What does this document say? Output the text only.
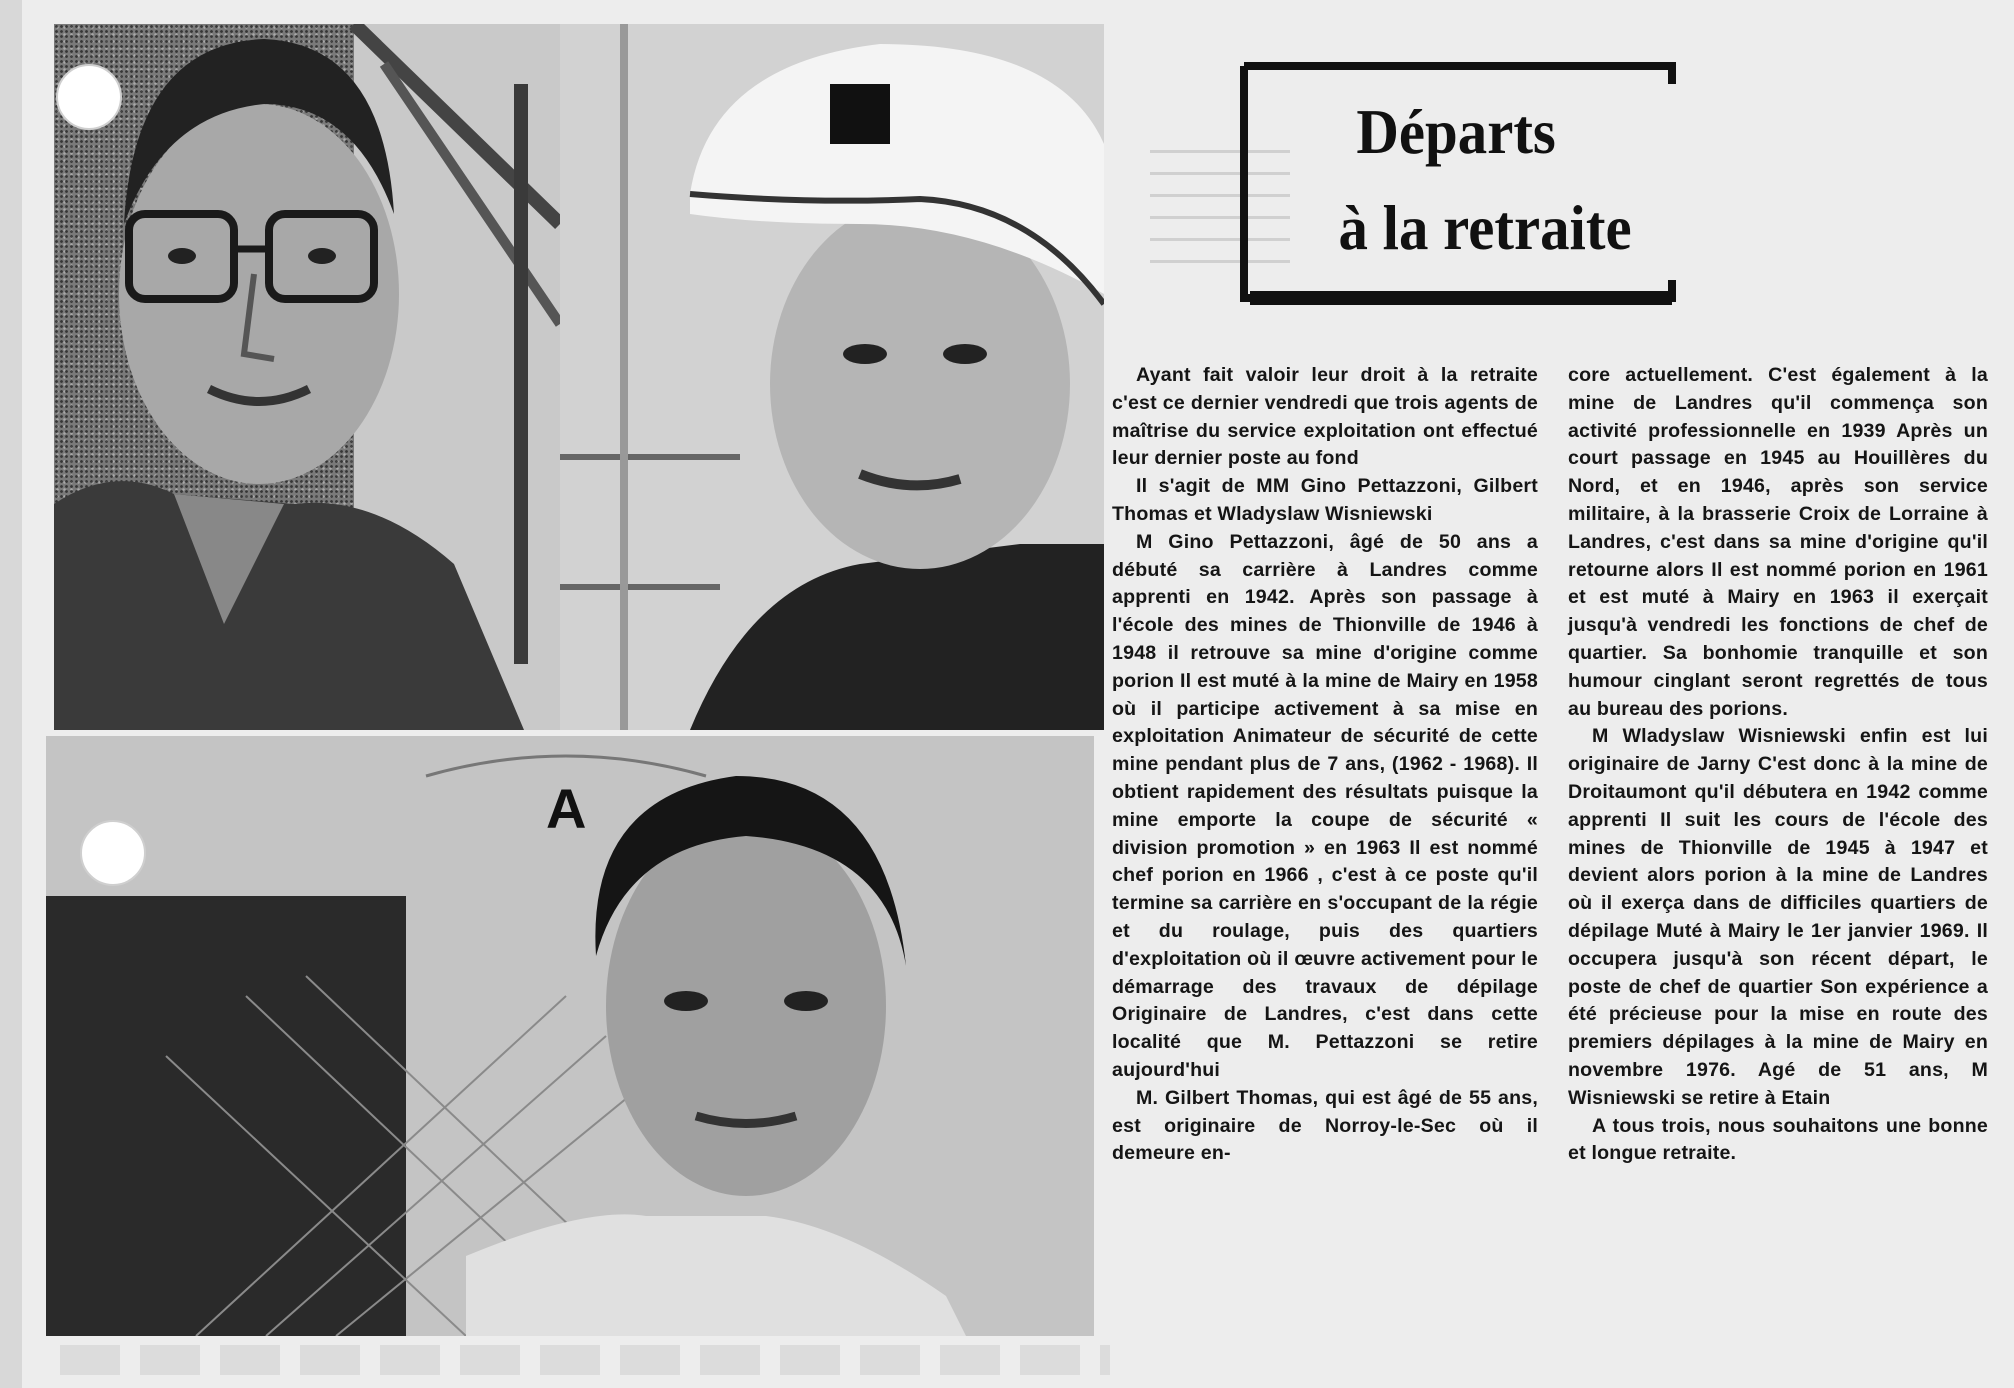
A
Départs
à la retraite

Ayant fait valoir leur droit à la retraite c'est ce dernier vendredi que trois agents de maîtrise du service exploitation ont effectué leur dernier poste au fond

Il s'agit de MM Gino Pettazzoni, Gilbert Thomas et Wladyslaw Wisniewski

M Gino Pettazzoni, âgé de 50 ans a débuté sa carrière à Landres comme apprenti en 1942. Après son passage à l'école des mines de Thionville de 1946 à 1948 il retrouve sa mine d'origine comme porion Il est muté à la mine de Mairy en 1958 où il participe activement à sa mise en exploitation Animateur de sécurité de cette mine pendant plus de 7 ans, (1962 - 1968). Il obtient rapidement des résultats puisque la mine emporte la coupe de sécurité « division promotion » en 1963 Il est nommé chef porion en 1966 , c'est à ce poste qu'il termine sa carrière en s'occupant de la régie et du roulage, puis des quartiers d'exploitation où il œuvre activement pour le démarrage des travaux de dépilage Originaire de Landres, c'est dans cette localité que M. Pettazzoni se retire aujourd'hui

M. Gilbert Thomas, qui est âgé de 55 ans, est originaire de Norroy-le-Sec où il demeure en-

core actuellement. C'est également à la mine de Landres qu'il commença son activité professionnelle en 1939 Après un court passage en 1945 au Houillères du Nord, et en 1946, après son service militaire, à la brasserie Croix de Lorraine à Landres, c'est dans sa mine d'origine qu'il retourne alors Il est nommé porion en 1961 et est muté à Mairy en 1963 il exerçait jusqu'à vendredi les fonctions de chef de quartier. Sa bonhomie tranquille et son humour cinglant seront regrettés de tous au bureau des porions.

M Wladyslaw Wisniewski enfin est lui originaire de Jarny C'est donc à la mine de Droitaumont qu'il débutera en 1942 comme apprenti Il suit les cours de l'école des mines de Thionville de 1945 à 1947 et devient alors porion à la mine de Landres où il exerça dans de difficiles quartiers de dépilage Muté à Mairy le 1er janvier 1969. Il occupera jusqu'à son récent départ, le poste de chef de quartier Son expérience a été précieuse pour la mise en route des premiers dépilages à la mine de Mairy en novembre 1976. Agé de 51 ans, M Wisniewski se retire à Etain

A tous trois, nous souhaitons une bonne et longue retraite.
